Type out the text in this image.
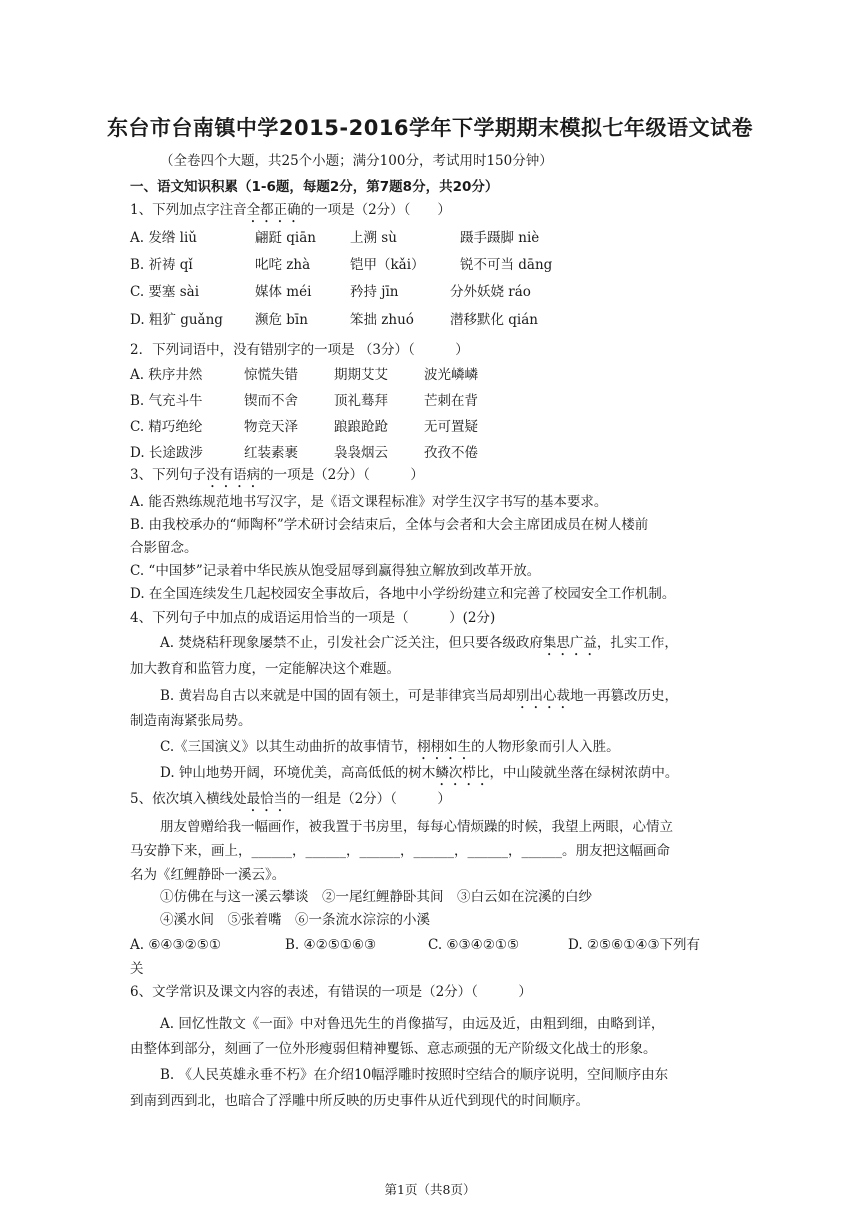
东台市台南镇中学2015-2016学年下学期期末模拟七年级语文试卷
（全卷四个大题，共25个小题；满分100分，考试用时150分钟）
一、语文知识积累（1-6题，每题2分，第7题8分，共20分）
1、下列加点字注音全都正确的一项是（2分）（　　）
A. 发绺 liǔ	翩跹 qiān	上溯 sù	蹑手蹑脚 niè
B. 祈祷 qǐ	叱咤 zhà	铠甲（kǎi）	锐不可当 dāng
C. 要塞 sài	媒体 méi	矜持 jīn	分外妖娆 ráo
D. 粗犷 guǎng 濒危 bīn	笨拙 zhuó	潜移默化 qián
2．下列词语中，没有错别字的一项是 （3分）（　　　）
A. 秩序井然	惊慌失错	期期艾艾	波光嶙嶙
B. 气充斗牛	锲而不舍	顶礼蓦拜	芒刺在背
C. 精巧绝纶	物竞天泽	踉踉跄跄	无可置疑
D. 长途跋涉	红装素裹	袅袅烟云	孜孜不倦
3、下列句子没有语病的一项是（2分）（　　　）
A. 能否熟练规范地书写汉字，是《语文课程标准》对学生汉字书写的基本要求。
B. 由我校承办的“师陶杯”学术研讨会结束后，全体与会者和大会主席团成员在树人楼前
合影留念。
C. “中国梦”记录着中华民族从饱受屈辱到赢得独立解放到改革开放。
D. 在全国连续发生几起校园安全事故后，各地中小学纷纷建立和完善了校园安全工作机制。
4、下列句子中加点的成语运用恰当的一项是（　　　）(2分)
A. 焚烧秸秆现象屡禁不止，引发社会广泛关注，但只要各级政府集思广益，扎实工作，
加大教育和监管力度，一定能解决这个难题。
B. 黄岩岛自古以来就是中国的固有领土，可是菲律宾当局却别出心裁地一再篡改历史，
制造南海紧张局势。
C.《三国演义》以其生动曲折的故事情节，栩栩如生的人物形象而引人入胜。
D. 钟山地势开阔，环境优美，高高低低的树木鳞次栉比，中山陵就坐落在绿树浓荫中。
5、依次填入横线处最恰当的一组是（2分）（　　　）
朋友曾赠给我一幅画作，被我置于书房里，每每心情烦躁的时候，我望上两眼，心情立
马安静下来，画上，______，______，______，______，______，______。朋友把这幅画命
名为《红鲤静卧一溪云》。
①仿佛在与这一溪云攀谈　②一尾红鲤静卧其间　③白云如在浣溪的白纱
④溪水间　⑤张着嘴　⑥一条流水淙淙的小溪
A. ⑥④③②⑤①	B. ④②⑤①⑥③	C. ⑥③④②①⑤	D. ②⑤⑥①④③下列有
关
6、文学常识及课文内容的表述，有错误的一项是（2分）（　　　）
A. 回忆性散文《一面》中对鲁迅先生的肖像描写，由远及近，由粗到细，由略到详，
由整体到部分，刻画了一位外形瘦弱但精神矍铄、意志顽强的无产阶级文化战士的形象。
B. 《人民英雄永垂不朽》在介绍10幅浮雕时按照时空结合的顺序说明，空间顺序由东
到南到西到北，也暗合了浮雕中所反映的历史事件从近代到现代的时间顺序。
第1页（共8页）
